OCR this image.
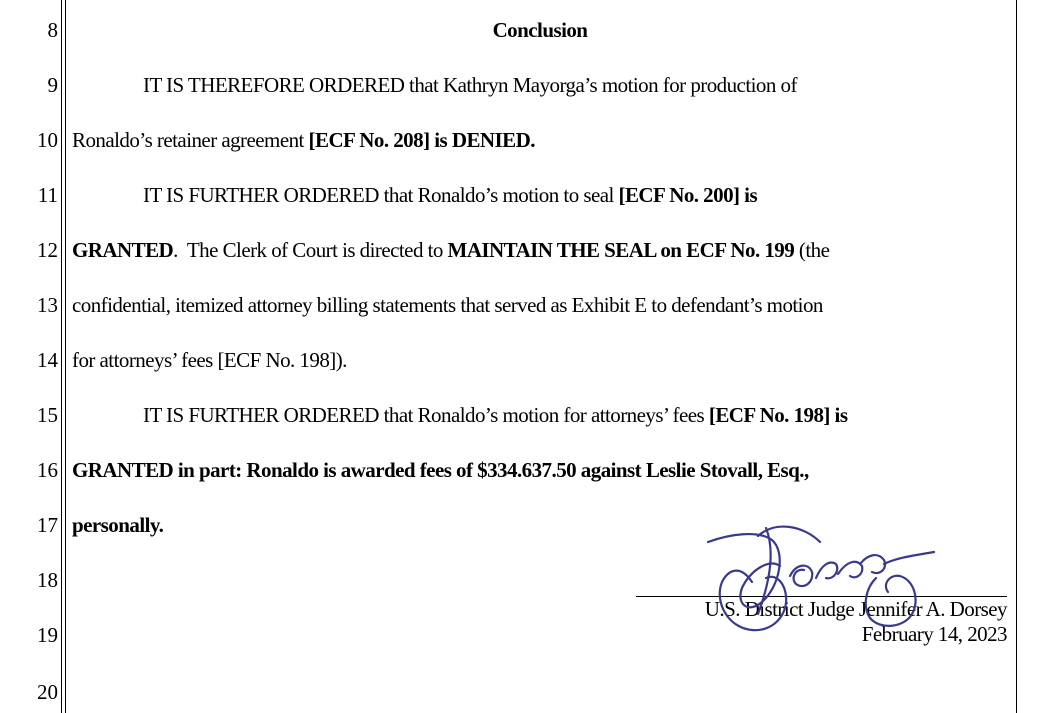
8
9
10
11
12
13
14
15
16
17
18
19
20
Conclusion
IT IS THEREFORE ORDERED that Kathryn Mayorga’s motion for production of
Ronaldo’s retainer agreement [ECF No. 208] is DENIED.
IT IS FURTHER ORDERED that Ronaldo’s motion to seal [ECF No. 200] is
GRANTED.  The Clerk of Court is directed to MAINTAIN THE SEAL on ECF No. 199 (the
confidential, itemized attorney billing statements that served as Exhibit E to defendant’s motion
for attorneys’ fees [ECF No. 198]).
IT IS FURTHER ORDERED that Ronaldo’s motion for attorneys’ fees [ECF No. 198] is
GRANTED in part: Ronaldo is awarded fees of $334.637.50 against Leslie Stovall, Esq.,
personally.
U.S. District Judge Jennifer A. Dorsey
February 14, 2023
